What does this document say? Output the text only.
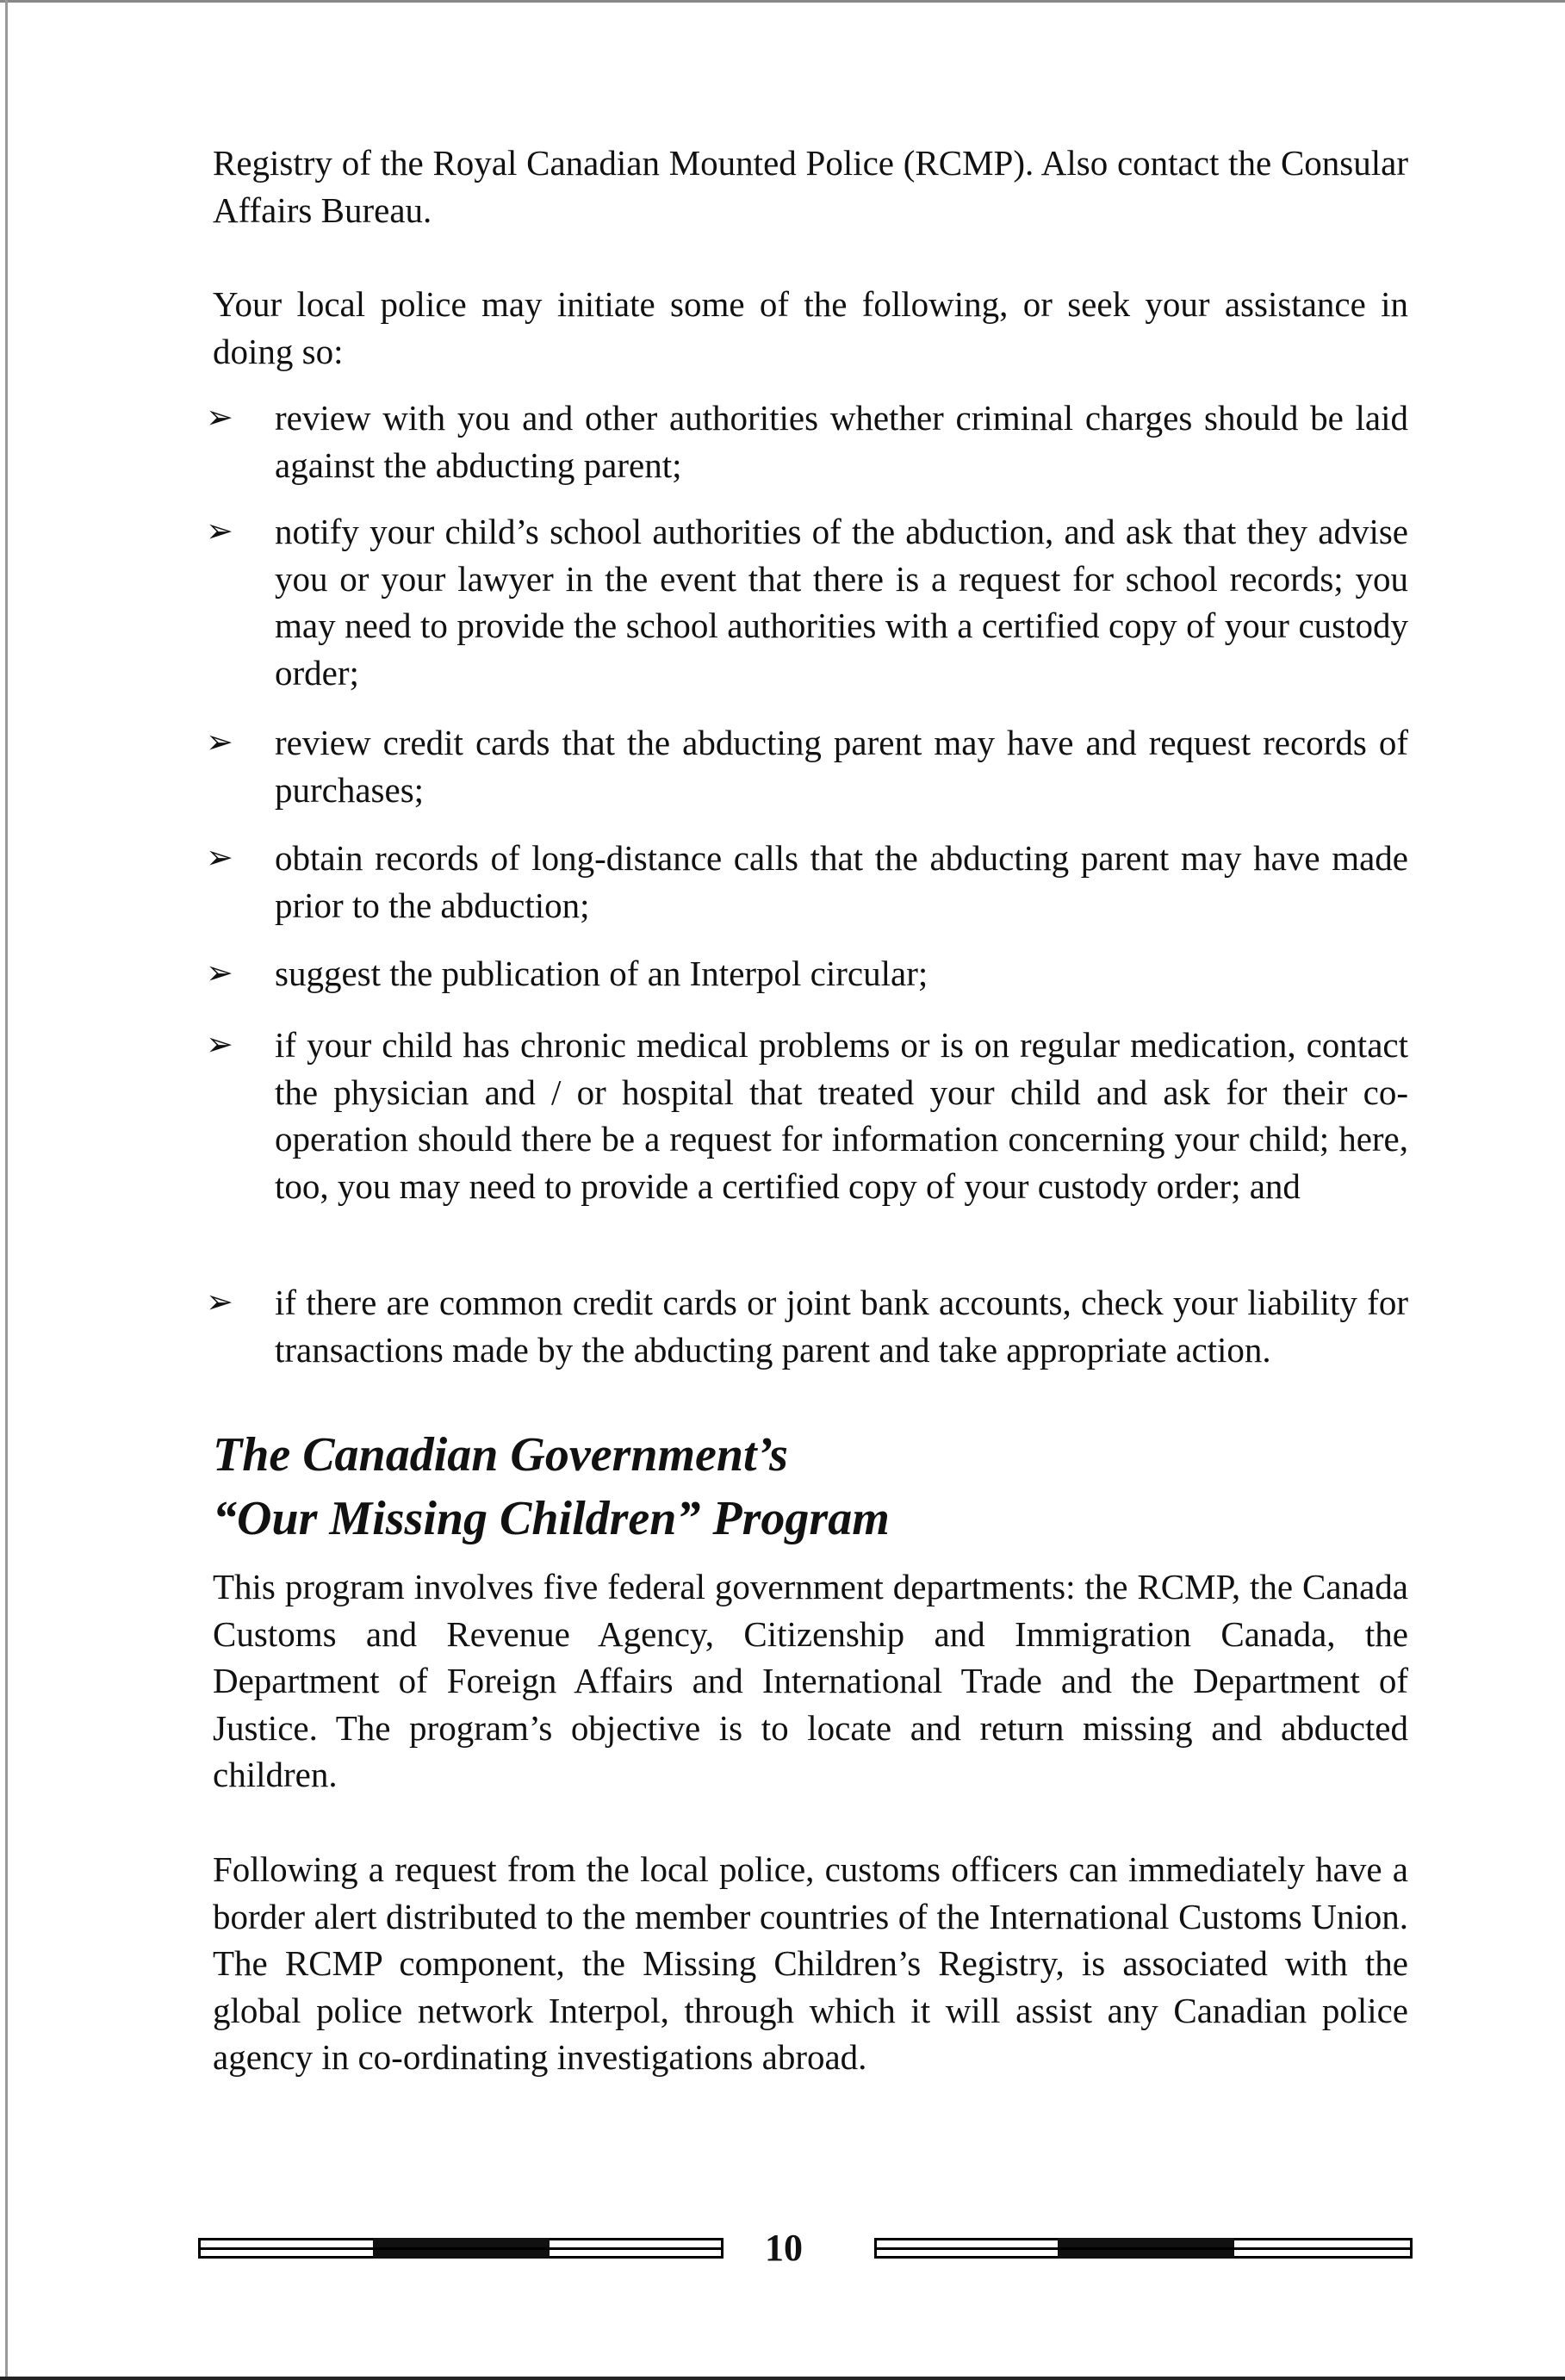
Registry of the Royal Canadian Mounted Police (RCMP). Also contact the Consular Affairs Bureau.

Your local police may initiate some of the following, or seek your assistance in doing so:

➢ review with you and other authorities whether criminal charges should be laid against the abducting parent;
➢ notify your child’s school authorities of the abduction, and ask that they advise you or your lawyer in the event that there is a request for school records; you may need to provide the school authorities with a certified copy of your custody order;
➢ review credit cards that the abducting parent may have and request records of purchases;
➢ obtain records of long-distance calls that the abducting parent may have made prior to the abduction;
➢ suggest the publication of an Interpol circular;
➢ if your child has chronic medical problems or is on regular medication, contact the physician and / or hospital that treated your child and ask for their co-operation should there be a request for information concerning your child; here, too, you may need to provide a certified copy of your custody order; and
➢ if there are common credit cards or joint bank accounts, check your liability for transactions made by the abducting parent and take appropriate action.
The Canadian Government’s
“Our Missing Children” Program

This program involves five federal government departments: the RCMP, the Canada Customs and Revenue Agency, Citizenship and Immigration Canada, the Department of Foreign Affairs and International Trade and the Department of Justice. The program’s objective is to locate and return missing and abducted children.

Following a request from the local police, customs officers can immediately have a border alert distributed to the member countries of the International Customs Union. The RCMP component, the Missing Children’s Registry, is associated with the global police network Interpol, through which it will assist any Canadian police agency in co-ordinating investigations abroad.

10
